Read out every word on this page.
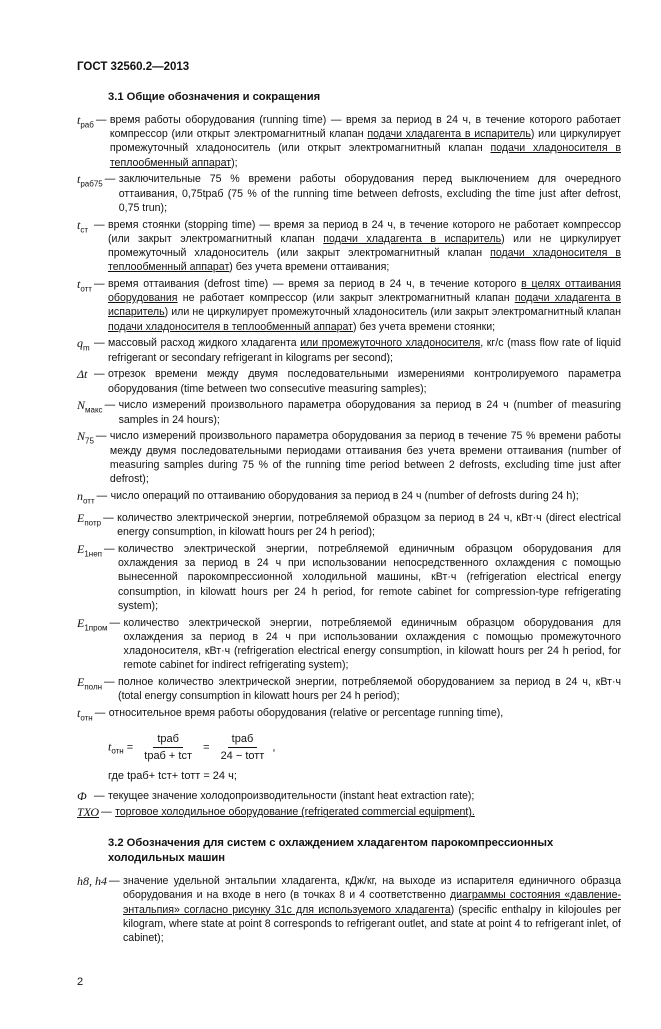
ГОСТ 32560.2—2013
3.1 Общие обозначения и сокращения
$t_{раб}$ — время работы оборудования (running time) — время за период в 24 ч, в течение которого работает компрессор (или открыт электромагнитный клапан подачи хладагента в испаритель) или циркулирует промежуточный хладоноситель (или открыт электромагнитный клапан подачи хладоносителя в теплообменный аппарат);
$t_{раб75}$ — заключительные 75 % времени работы оборудования перед выключением для очередного оттаивания, 0,75tраб (75 % of the running time between defrosts, excluding the time just after defrost, 0,75 trun);
$t_{ст}$ — время стоянки (stopping time) — время за период в 24 ч, в течение которого не работает компрессор (или закрыт электромагнитный клапан подачи хладагента в испаритель) или не циркулирует промежуточный хладоноситель (или закрыт электромагнитный клапан подачи хладоносителя в теплообменный аппарат) без учета времени оттаивания;
$t_{отт}$ — время оттаивания (defrost time) — время за период в 24 ч, в течение которого в целях оттаивания оборудования не работает компрессор (или закрыт электромагнитный клапан подачи хладагента в испаритель) или не циркулирует промежуточный хладоноситель (или закрыт электромагнитный клапан подачи хладоносителя в теплообменный аппарат) без учета времени стоянки;
$q_m$ — массовый расход жидкого хладагента или промежуточного хладоносителя, кг/с (mass flow rate of liquid refrigerant or secondary refrigerant in kilograms per second);
Δt — отрезок времени между двумя последовательными измерениями контролируемого параметра оборудования (time between two consecutive measuring samples);
$N_{макс}$ — число измерений произвольного параметра оборудования за период в 24 ч (number of measuring samples in 24 hours);
$N_{75}$ — число измерений произвольного параметра оборудования за период в течение 75 % времени работы между двумя последовательными периодами оттаивания без учета времени оттаивания (number of measuring samples during 75 % of the running time period between 2 defrosts, excluding time just after defrost);
$n_{отт}$ — число операций по оттаиванию оборудования за период в 24 ч (number of defrosts during 24 h);
$E_{потр}$ — количество электрической энергии, потребляемой образцом за период в 24 ч, кВт·ч (direct electrical energy consumption, in kilowatt hours per 24 h period);
$E_{1неп}$ — количество электрической энергии, потребляемой единичным образцом оборудования для охлаждения за период в 24 ч при использовании непосредственного охлаждения с помощью вынесенной парокомпрессионной холодильной машины, кВт·ч (refrigeration electrical energy consumption, in kilowatt hours per 24 h period, for remote cabinet for compression-type refrigerating system);
$E_{1пром}$ — количество электрической энергии, потребляемой единичным образцом оборудования для охлаждения за период в 24 ч при использовании охлаждения с помощью промежуточного хладоносителя, кВт·ч (refrigeration electrical energy consumption, in kilowatt hours per 24 h period, for remote cabinet for indirect refrigerating system);
$E_{полн}$ — полное количество электрической энергии, потребляемой оборудованием за период в 24 ч, кВт·ч (total energy consumption in kilowatt hours per 24 h period);
$t_{отн}$ — относительное время работы оборудования (relative or percentage running time),
$t_{отн}$ =
tраб
tраб + tст
=
tраб
24 − tотт
,
где tраб+ tст+ tотт = 24 ч;
Ф — текущее значение холодопроизводительности (instant heat extraction rate);
ТХО — торговое холодильное оборудование (refrigerated commercial equipment).
3.2 Обозначения для систем с охлаждением хладагентом парокомпрессионных холодильных машин
h8, h4 — значение удельной энтальпии хладагента, кДж/кг, на выходе из испарителя единичного образца оборудования и на входе в него (в точках 8 и 4 соответственно диаграммы состояния «давление-энтальпия» согласно рисунку 31с для используемого хладагента) (specific enthalpy in kilojoules per kilogram, where state at point 8 corresponds to refrigerant outlet, and state at point 4 to refrigerant inlet, of cabinet);
2
